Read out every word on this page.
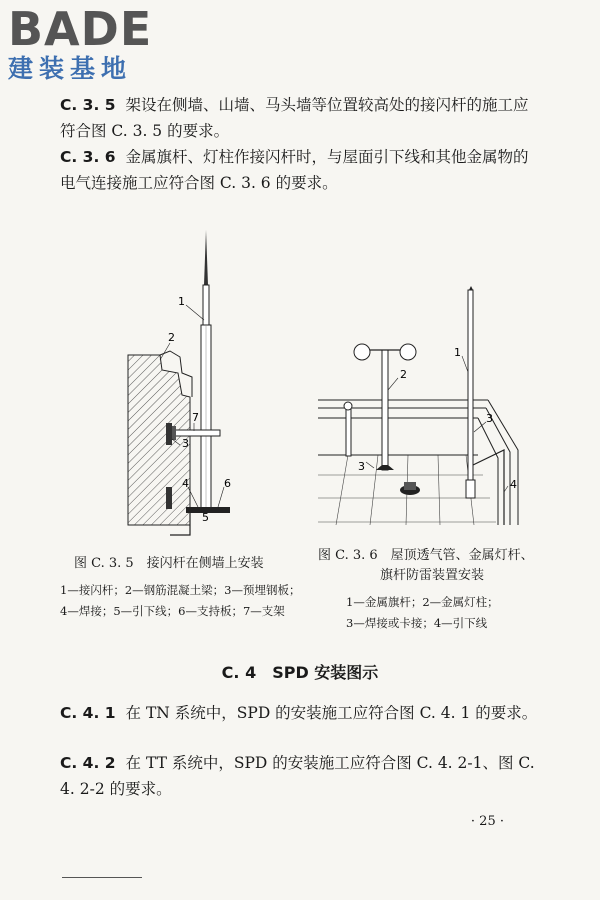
BADE
建装基地

C. 3. 5 架设在侧墙、山墙、马头墙等位置较高处的接闪杆的施工应符合图 C. 3. 5 的要求。

C. 3. 6 金属旗杆、灯柱作接闪杆时，与屋面引下线和其他金属物的电气连接施工应符合图 C. 3. 6 的要求。

1
2
7
3
4	6
5
1
2
3
3
4
图 C. 3. 5　接闪杆在侧墙上安装
1—接闪杆；2—钢筋混凝土梁；3—预埋钢板；
4—焊接；5—引下线；6—支持板；7—支架
图 C. 3. 6　屋顶透气管、金属灯杆、
旗杆防雷装置安装
1—金属旗杆；2—金属灯柱；
3—焊接或卡接；4—引下线
C. 4　SPD 安装图示

C. 4. 1 在 TN 系统中，SPD 的安装施工应符合图 C. 4. 1 的要求。

C. 4. 2 在 TT 系统中，SPD 的安装施工应符合图 C. 4. 2-1、图 C. 4. 2-2 的要求。

· 25 ·
